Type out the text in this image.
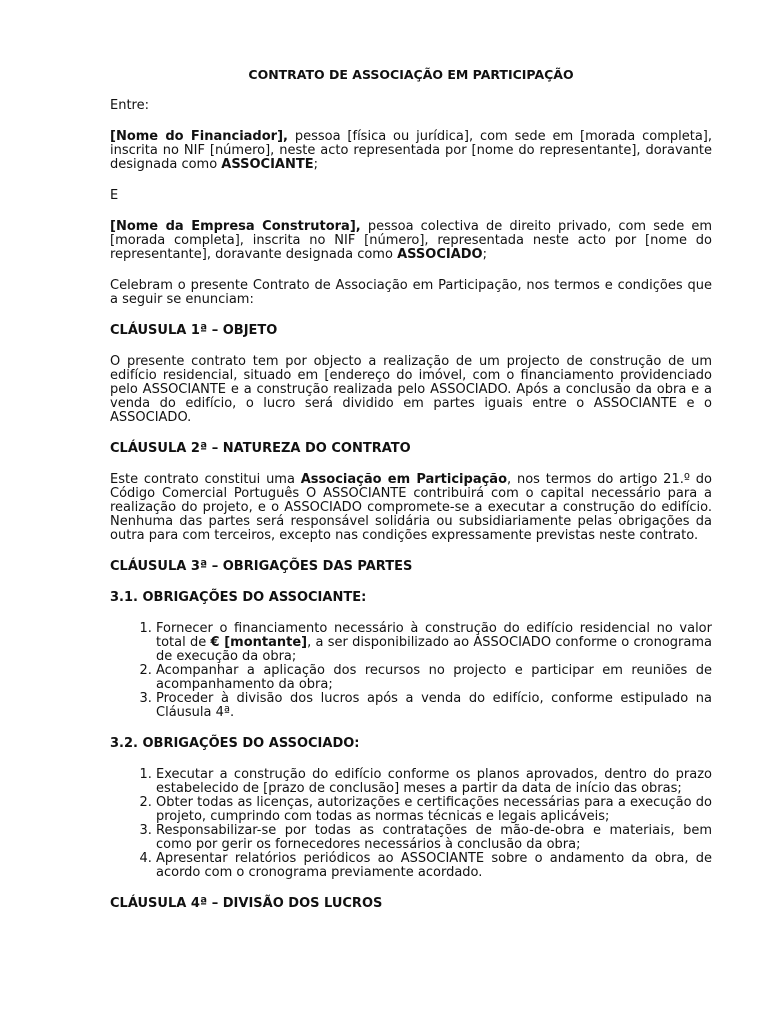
CONTRATO DE ASSOCIAÇÃO EM PARTICIPAÇÃO

Entre:

[Nome do Financiador], pessoa [física ou jurídica], com sede em [morada completa], inscrita no NIF [número], neste acto representada por [nome do representante], doravante designada como ASSOCIANTE;

E

[Nome da Empresa Construtora], pessoa colectiva de direito privado, com sede em [morada completa], inscrita no NIF [número], representada neste acto por [nome do representante], doravante designada como ASSOCIADO;

Celebram o presente Contrato de Associação em Participação, nos termos e condições que a seguir se enunciam:

CLÁUSULA 1ª – OBJETO

O presente contrato tem por objecto a realização de um projecto de construção de um edifício residencial, situado em [endereço do imóvel, com o financiamento providenciado pelo ASSOCIANTE e a construção realizada pelo ASSOCIADO. Após a conclusão da obra e a venda do edifício, o lucro será dividido em partes iguais entre o ASSOCIANTE e o ASSOCIADO.

CLÁUSULA 2ª – NATUREZA DO CONTRATO

Este contrato constitui uma Associação em Participação, nos termos do artigo 21.º do Código Comercial Português O ASSOCIANTE contribuirá com o capital necessário para a realização do projeto, e o ASSOCIADO compromete-se a executar a construção do edifício. Nenhuma das partes será responsável solidária ou subsidiariamente pelas obrigações da outra para com terceiros, excepto nas condições expressamente previstas neste contrato.

CLÁUSULA 3ª – OBRIGAÇÕES DAS PARTES
3.1. OBRIGAÇÕES DO ASSOCIANTE:
1. Fornecer o financiamento necessário à construção do edifício residencial no valor total de € [montante], a ser disponibilizado ao ASSOCIADO conforme o cronograma de execução da obra;
2. Acompanhar a aplicação dos recursos no projecto e participar em reuniões de acompanhamento da obra;
3. Proceder à divisão dos lucros após a venda do edifício, conforme estipulado na Cláusula 4ª.
3.2. OBRIGAÇÕES DO ASSOCIADO:
1. Executar a construção do edifício conforme os planos aprovados, dentro do prazo estabelecido de [prazo de conclusão] meses a partir da data de início das obras;
2. Obter todas as licenças, autorizações e certificações necessárias para a execução do projeto, cumprindo com todas as normas técnicas e legais aplicáveis;
3. Responsabilizar-se por todas as contratações de mão-de-obra e materiais, bem como por gerir os fornecedores necessários à conclusão da obra;
4. Apresentar relatórios periódicos ao ASSOCIANTE sobre o andamento da obra, de acordo com o cronograma previamente acordado.
CLÁUSULA 4ª – DIVISÃO DOS LUCROS
